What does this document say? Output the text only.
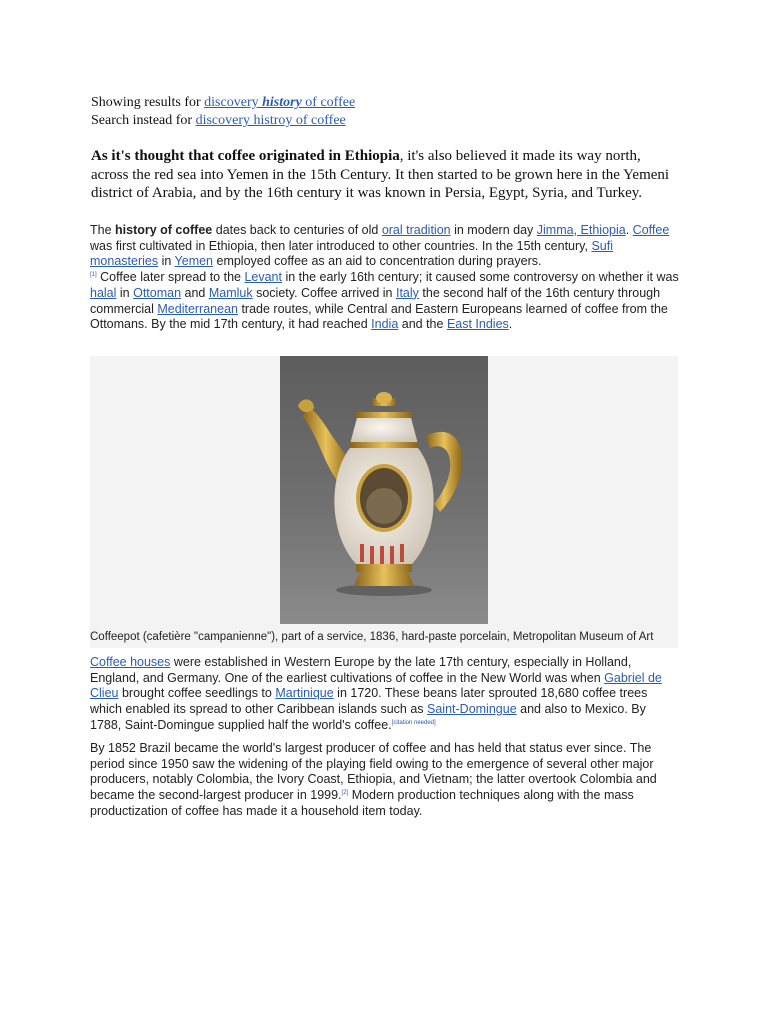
Showing results for discovery history of coffee
Search instead for discovery histroy of coffee
As it's thought that coffee originated in Ethiopia, it's also believed it made its way north, across the red sea into Yemen in the 15th Century. It then started to be grown here in the Yemeni district of Arabia, and by the 16th century it was known in Persia, Egypt, Syria, and Turkey.
The history of coffee dates back to centuries of old oral tradition in modern day Jimma, Ethiopia. Coffee was first cultivated in Ethiopia, then later introduced to other countries. In the 15th century, Sufi monasteries in Yemen employed coffee as an aid to concentration during prayers.
[1] Coffee later spread to the Levant in the early 16th century; it caused some controversy on whether it was halal in Ottoman and Mamluk society. Coffee arrived in Italy the second half of the 16th century through commercial Mediterranean trade routes, while Central and Eastern Europeans learned of coffee from the Ottomans. By the mid 17th century, it had reached India and the East Indies.
Coffeepot (cafetière "campanienne"), part of a service, 1836, hard-paste porcelain, Metropolitan Museum of Art
Coffee houses were established in Western Europe by the late 17th century, especially in Holland, England, and Germany. One of the earliest cultivations of coffee in the New World was when Gabriel de Clieu brought coffee seedlings to Martinique in 1720. These beans later sprouted 18,680 coffee trees which enabled its spread to other Caribbean islands such as Saint-Domingue and also to Mexico. By 1788, Saint-Domingue supplied half the world's coffee.[citation needed]
By 1852 Brazil became the world's largest producer of coffee and has held that status ever since. The period since 1950 saw the widening of the playing field owing to the emergence of several other major producers, notably Colombia, the Ivory Coast, Ethiopia, and Vietnam; the latter overtook Colombia and became the second-largest producer in 1999.[2] Modern production techniques along with the mass productization of coffee has made it a household item today.
